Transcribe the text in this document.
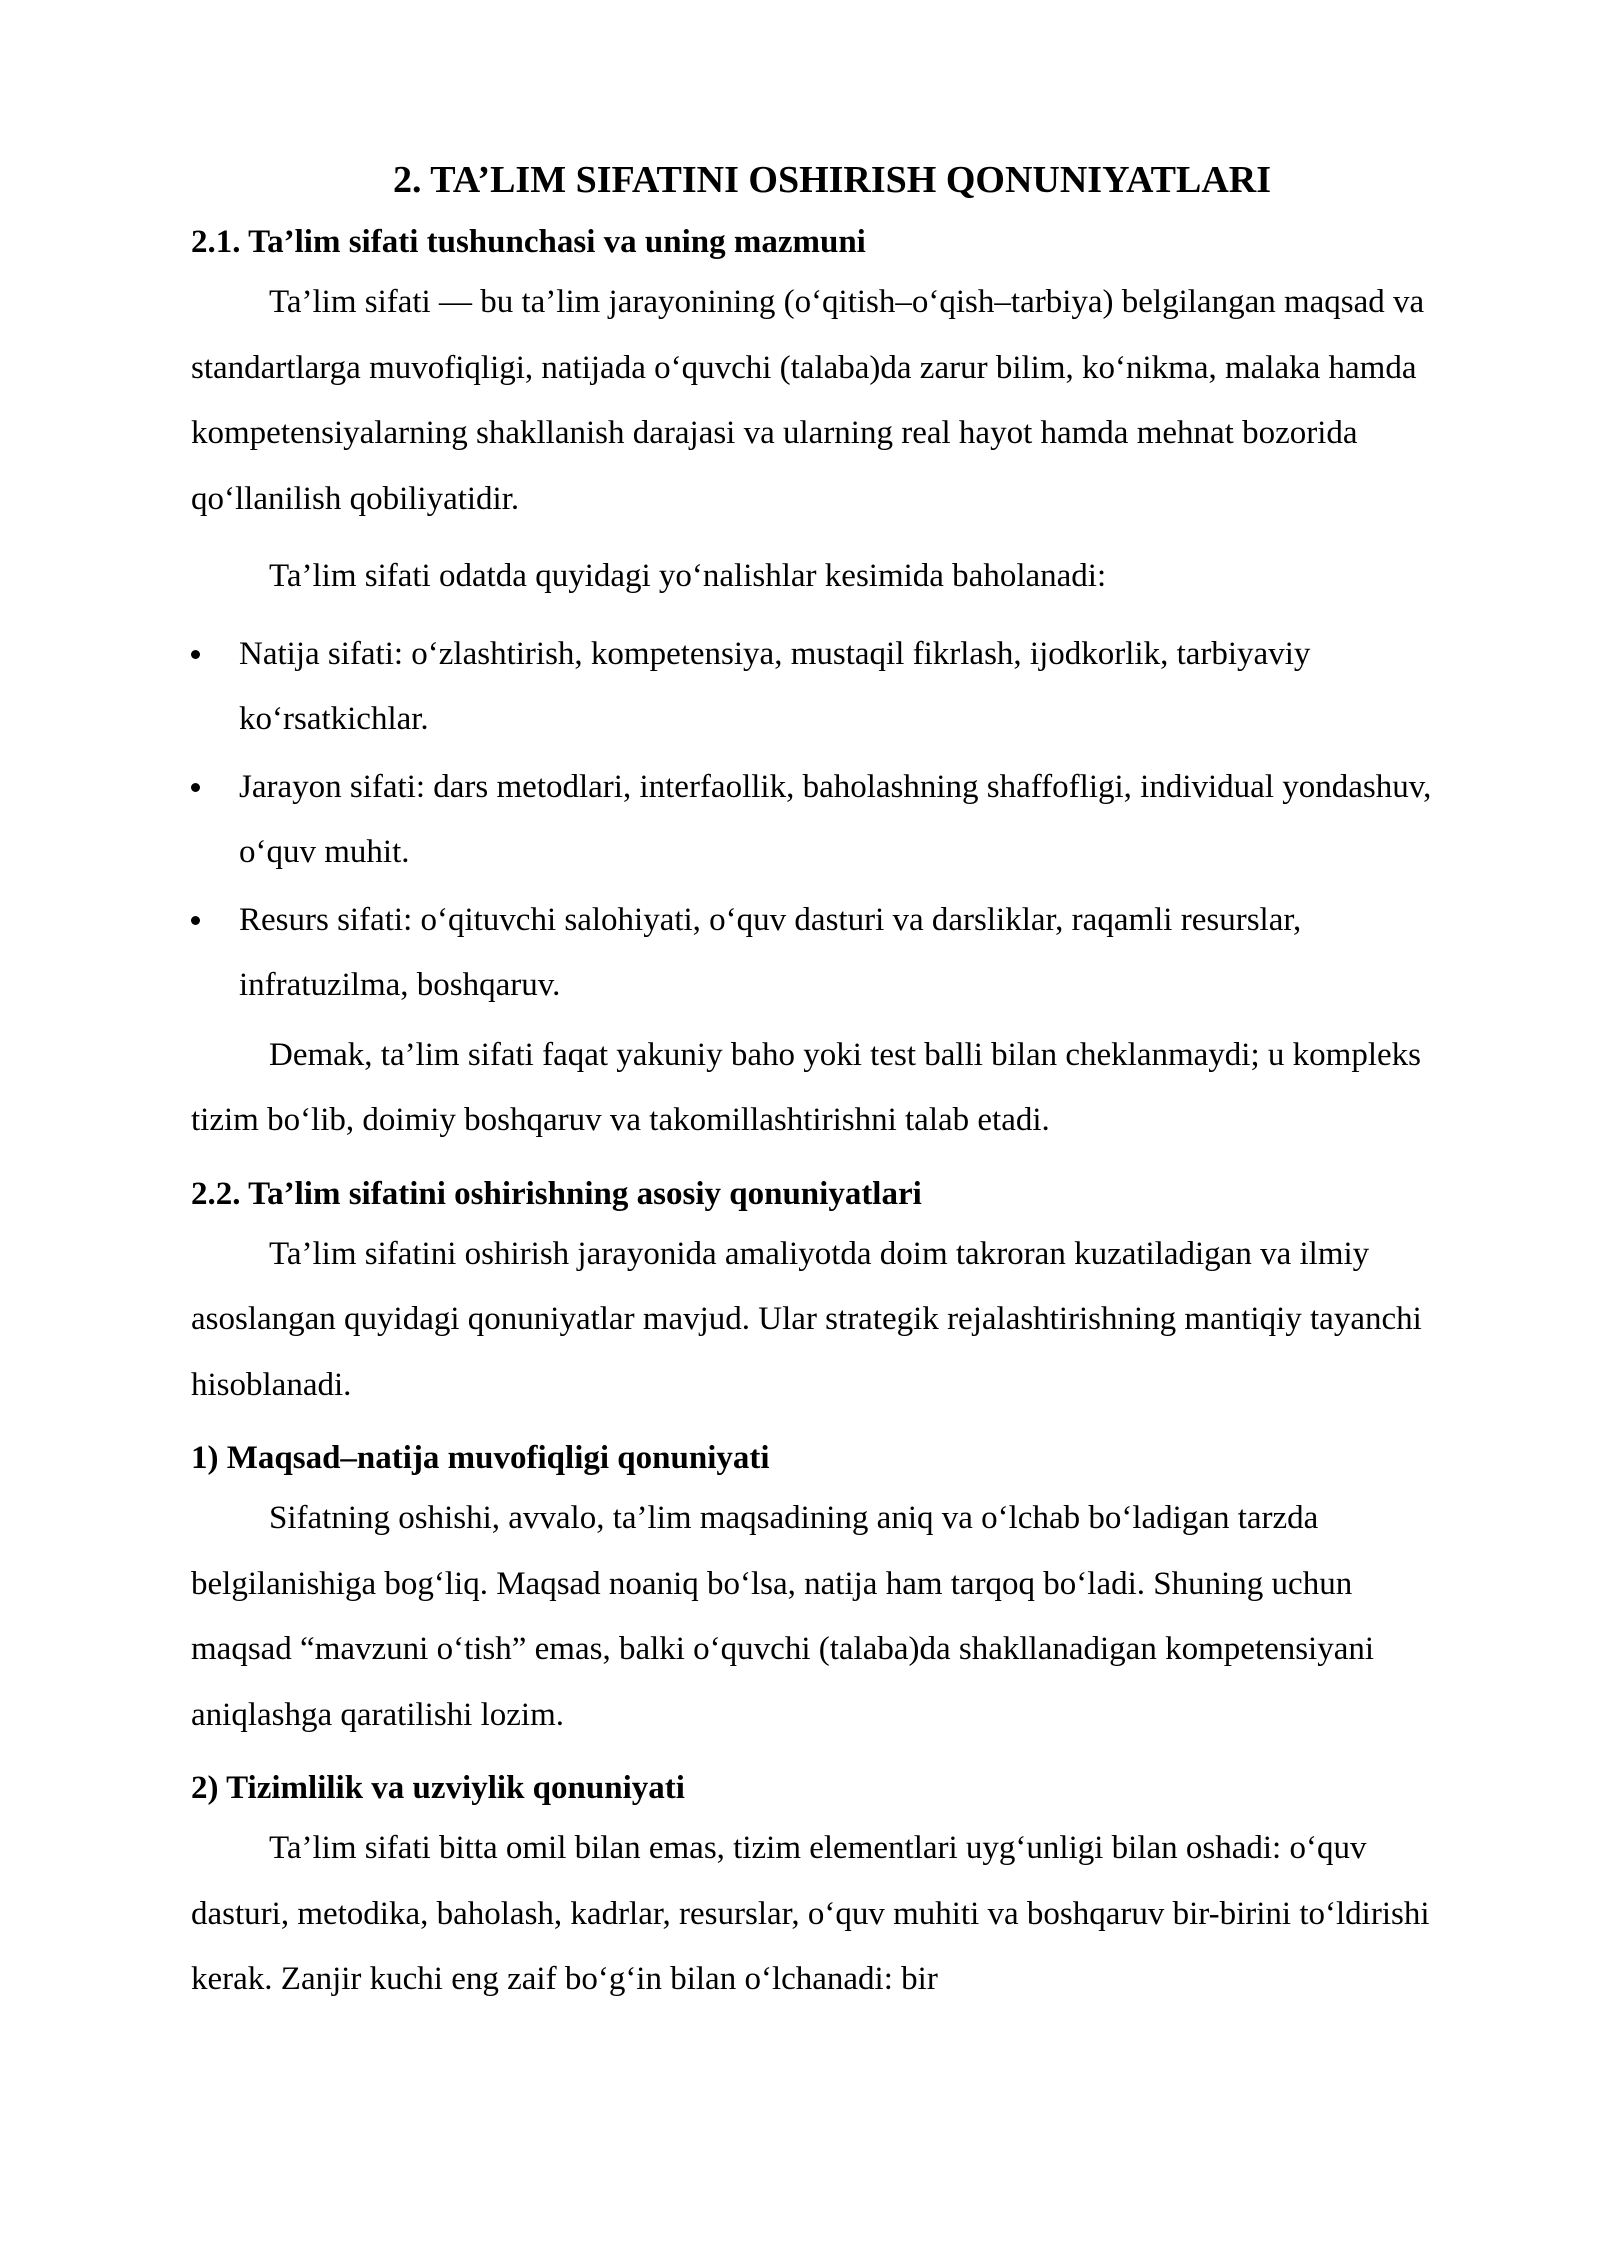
2. TA’LIM SIFATINI OSHIRISH QONUNIYATLARI
2.1. Ta’lim sifati tushunchasi va uning mazmuni

Ta’lim sifati — bu ta’lim jarayonining (o‘qitish–o‘qish–tarbiya) belgilangan maqsad va standartlarga muvofiqligi, natijada o‘quvchi (talaba)da zarur bilim, ko‘nikma, malaka hamda kompetensiyalarning shakllanish darajasi va ularning real hayot hamda mehnat bozorida qo‘llanilish qobiliyatidir.

Ta’lim sifati odatda quyidagi yo‘nalishlar kesimida baholanadi:

Natija sifati: o‘zlashtirish, kompetensiya, mustaqil fikrlash, ijodkorlik, tarbiyaviy ko‘rsatkichlar.
Jarayon sifati: dars metodlari, interfaollik, baholashning shaffofligi, individual yondashuv, o‘quv muhit.
Resurs sifati: o‘qituvchi salohiyati, o‘quv dasturi va darsliklar, raqamli resurslar, infratuzilma, boshqaruv.

Demak, ta’lim sifati faqat yakuniy baho yoki test balli bilan cheklanmaydi; u kompleks tizim bo‘lib, doimiy boshqaruv va takomillashtirishni talab etadi.

2.2. Ta’lim sifatini oshirishning asosiy qonuniyatlari

Ta’lim sifatini oshirish jarayonida amaliyotda doim takroran kuzatiladigan va ilmiy asoslangan quyidagi qonuniyatlar mavjud. Ular strategik rejalashtirishning mantiqiy tayanchi hisoblanadi.

1) Maqsad–natija muvofiqligi qonuniyati

Sifatning oshishi, avvalo, ta’lim maqsadining aniq va o‘lchab bo‘ladigan tarzda belgilanishiga bog‘liq. Maqsad noaniq bo‘lsa, natija ham tarqoq bo‘ladi. Shuning uchun maqsad “mavzuni o‘tish” emas, balki o‘quvchi (talaba)da shakllanadigan kompetensiyani aniqlashga qaratilishi lozim.

2) Tizimlilik va uzviylik qonuniyati

Ta’lim sifati bitta omil bilan emas, tizim elementlari uyg‘unligi bilan oshadi: o‘quv dasturi, metodika, baholash, kadrlar, resurslar, o‘quv muhiti va boshqaruv bir-birini to‘ldirishi kerak. Zanjir kuchi eng zaif bo‘g‘in bilan o‘lchanadi: bir
